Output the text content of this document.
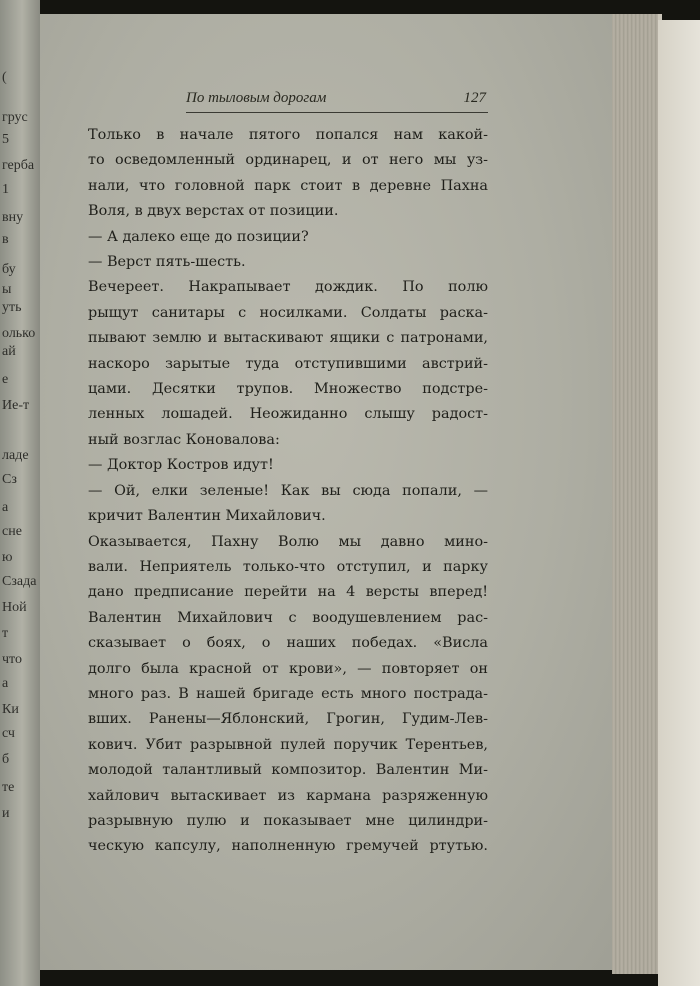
(
грус
5
герба
1
вну
в
бу
ы
уть
олько
ай
е
Ие-т
ладе
Сз
а
сне
ю
Сзада
Ной
т
что
а
Ки
сч
б
те
и
По тыловым дорогам	127
Только в начале пятого попался нам какой-
то осведомленный ординарец, и от него мы уз-
нали, что головной парк стоит в деревне Пахна
Воля, в двух верстах от позиции.
— А далеко еще до позиции?
— Верст пять-шесть.
Вечереет. Накрапывает дождик. По полю
рыщут санитары с носилками. Солдаты раска-
пывают землю и вытаскивают ящики с патронами,
наскоро зарытые туда отступившими австрий-
цами. Десятки трупов. Множество подстре-
ленных лошадей. Неожиданно слышу радост-
ный возглас Коновалова:
— Доктор Костров идут!
— Ой, елки зеленые! Как вы сюда попали, —
кричит Валентин Михайлович.
Оказывается, Пахну Волю мы давно мино-
вали. Неприятель только-что отступил, и парку
дано предписание перейти на 4 версты вперед!
Валентин Михайлович с воодушевлением рас-
сказывает о боях, о наших победах. «Висла
долго была красной от крови», — повторяет он
много раз. В нашей бригаде есть много пострада-
вших. Ранены—Яблонский, Грогин, Гудим-Лев-
кович. Убит разрывной пулей поручик Терентьев,
молодой талантливый композитор. Валентин Ми-
хайлович вытаскивает из кармана разряженную
разрывную пулю и показывает мне цилиндри-
ческую капсулу, наполненную гремучей ртутью.
